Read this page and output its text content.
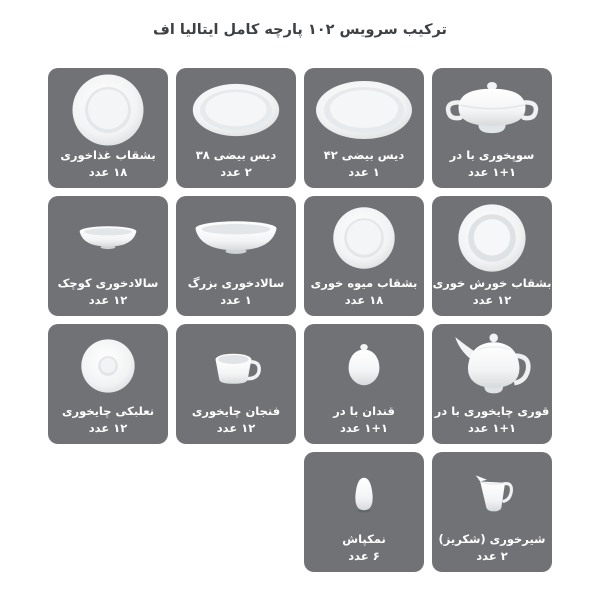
ترکیب سرویس ۱۰۲ پارچه کامل ایتالیا اف
سوپخوری با در
۱+۱ عدد
دیس بیضی ۴۲
۱ عدد
دیس بیضی ۳۸
۲ عدد
بشقاب غذاخوری
۱۸ عدد
بشقاب خورش خوری
۱۲ عدد
بشقاب میوه خوری
۱۸ عدد
سالادخوری بزرگ
۱ عدد
سالادخوری کوچک
۱۲ عدد
قوری چایخوری با در
۱+۱ عدد
قندان با در
۱+۱ عدد
فنجان چایخوری
۱۲ عدد
نعلبکی چایخوری
۱۲ عدد
شیرخوری (شکریز)
۲ عدد
نمکپاش
۶ عدد
